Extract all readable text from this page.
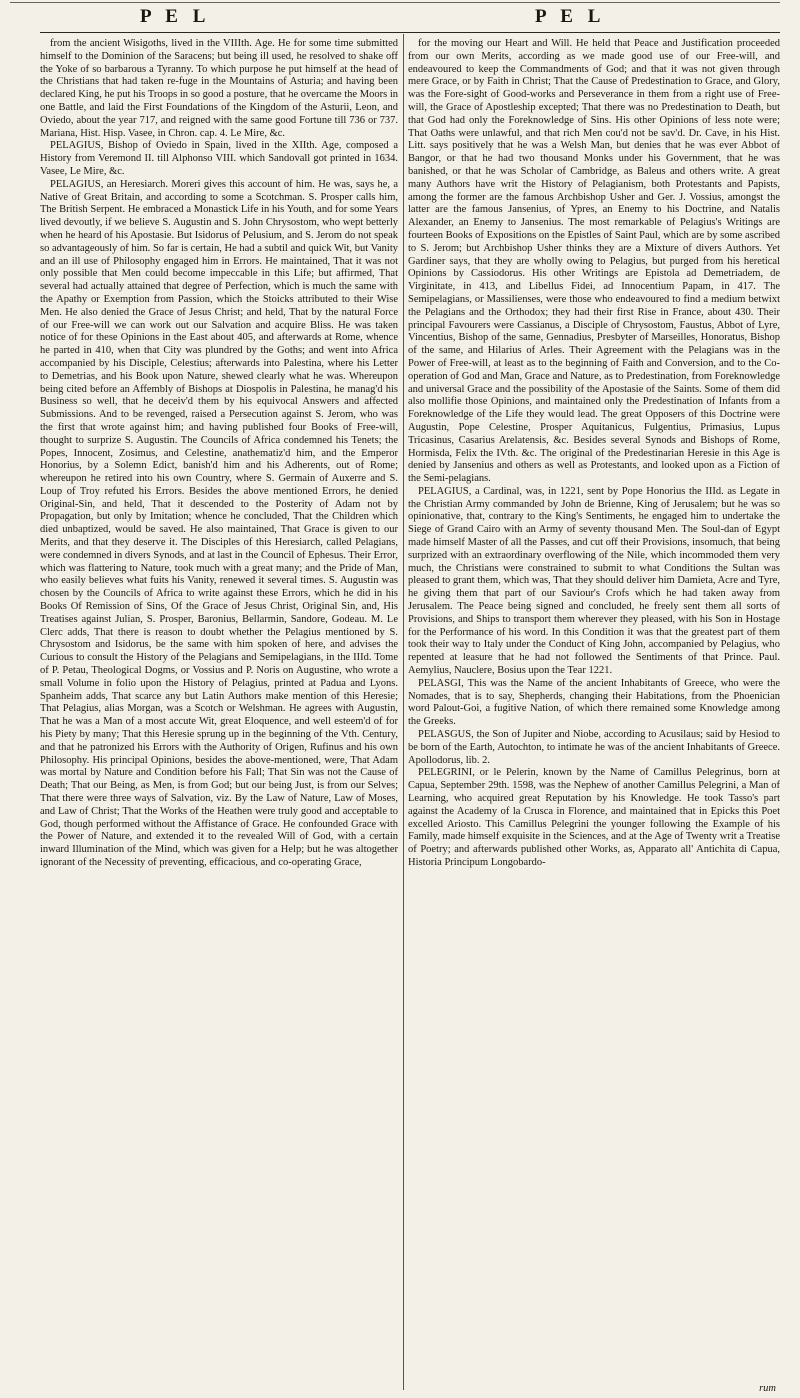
P E L	P E L

from the ancient Wisigoths, lived in the VIIIth. Age. He for some time submitted himself to the Dominion of the Saracens; but being ill used, he resolved to shake off the Yoke of so barbarous a Tyranny. To which purpose he put himself at the head of the Christians that had taken re-fuge in the Mountains of Asturia; and having been declared King, he put his Troops in so good a posture, that he overcame the Moors in one Battle, and laid the First Foundations of the Kingdom of the Asturii, Leon, and Oviedo, about the year 717, and reigned with the same good Fortune till 736 or 737. Mariana, Hist. Hisp. Vasee, in Chron. cap. 4. Le Mire, &c.

PELAGIUS, Bishop of Oviedo in Spain, lived in the XIIth. Age, composed a History from Veremond II. till Alphonso VIII. which Sandovall got printed in 1634. Vasee, Le Mire, &c.

PELAGIUS, an Heresiarch. Moreri gives this account of him. He was, says he, a Native of Great Britain, and according to some a Scotchman. S. Prosper calls him, The British Serpent. He embraced a Monastick Life in his Youth, and for some Years lived devoutly, if we believe S. Augustin and S. John Chrysostom, who wept betterly when he heard of his Apostasie. But Isidorus of Pelusium, and S. Jerom do not speak so advantageously of him. So far is certain, He had a subtil and quick Wit, but Vanity and an ill use of Philosophy engaged him in Errors. He maintained, That it was not only possible that Men could become impeccable in this Life; but affirmed, That several had actually attained that degree of Perfection, which is much the same with the Apathy or Exemption from Passion, which the Stoicks attributed to their Wise Men. He also denied the Grace of Jesus Christ; and held, That by the natural Force of our Free-will we can work out our Salvation and acquire Bliss. He was taken notice of for these Opinions in the East about 405, and afterwards at Rome, whence he parted in 410, when that City was plundred by the Goths; and went into Africa accompanied by his Disciple, Celestius; afterwards into Palestina, where his Letter to Demetrias, and his Book upon Nature, shewed clearly what he was. Whereupon being cited before an Affembly of Bishops at Diospolis in Palestina, he manag'd his Business so well, that he deceiv'd them by his equivocal Answers and affected Submissions. And to be revenged, raised a Persecution against S. Jerom, who was the first that wrote against him; and having published four Books of Free-will, thought to surprize S. Augustin. The Councils of Africa condemned his Tenets; the Popes, Innocent, Zosimus, and Celestine, anathematiz'd him, and the Emperor Honorius, by a Solemn Edict, banish'd him and his Adherents, out of Rome; whereupon he retired into his own Country, where S. Germain of Auxerre and S. Loup of Troy refuted his Errors. Besides the above mentioned Errors, he denied Original-Sin, and held, That it descended to the Posterity of Adam not by Propagation, but only by Imitation; whence he concluded, That the Children which died unbaptized, would be saved. He also maintained, That Grace is given to our Merits, and that they deserve it. The Disciples of this Heresiarch, called Pelagians, were condemned in divers Synods, and at last in the Council of Ephesus. Their Error, which was flattering to Nature, took much with a great many; and the Pride of Man, who easily believes what fuits his Vanity, renewed it several times. S. Augustin was chosen by the Councils of Africa to write against these Errors, which he did in his Books Of Remission of Sins, Of the Grace of Jesus Christ, Original Sin, and, His Treatises against Julian, S. Prosper, Baronius, Bellarmin, Sandore, Godeau. M. Le Clerc adds, That there is reason to doubt whether the Pelagius mentioned by S. Chrysostom and Isidorus, be the same with him spoken of here, and advises the Curious to consult the History of the Pelagians and Semipelagians, in the IIId. Tome of P. Petau, Theological Dogms, or Vossius and P. Noris on Augustine, who wrote a small Volume in folio upon the History of Pelagius, printed at Padua and Lyons. Spanheim adds, That scarce any but Latin Authors make mention of this Heresie; That Pelagius, alias Morgan, was a Scotch or Welshman. He agrees with Augustin, That he was a Man of a most accute Wit, great Eloquence, and well esteem'd of for his Piety by many; That this Heresie sprung up in the beginning of the Vth. Century, and that he patronized his Errors with the Authority of Origen, Rufinus and his own Philosophy. His principal Opinions, besides the above-mentioned, were, That Adam was mortal by Nature and Condition before his Fall; That Sin was not the Cause of Death; That our Being, as Men, is from God; but our being Just, is from our Selves; That there were three ways of Salvation, viz. By the Law of Nature, Law of Moses, and Law of Christ; That the Works of the Heathen were truly good and acceptable to God, though performed without the Affistance of Grace. He confounded Grace with the Power of Nature, and extended it to the revealed Will of God, with a certain inward Illumination of the Mind, which was given for a Help; but he was altogether ignorant of the Necessity of preventing, efficacious, and co-operating Grace,

for the moving our Heart and Will. He held that Peace and Justification proceeded from our own Merits, according as we made good use of our Free-will, and endeavoured to keep the Commandments of God; and that it was not given through mere Grace, or by Faith in Christ; That the Cause of Predestination to Grace, and Glory, was the Fore-sight of Good-works and Perseverance in them from a right use of Free-will, the Grace of Apostleship excepted; That there was no Predestination to Death, but that God had only the Foreknowledge of Sins. His other Opinions of less note were; That Oaths were unlawful, and that rich Men cou'd not be sav'd. Dr. Cave, in his Hist. Litt. says positively that he was a Welsh Man, but denies that he was ever Abbot of Bangor, or that he had two thousand Monks under his Government, that he was banished, or that he was Scholar of Cambridge, as Baleus and others write. A great many Authors have writ the History of Pelagianism, both Protestants and Papists, among the former are the famous Archbishop Usher and Ger. J. Vossius, amongst the latter are the famous Jansenius, of Ypres, an Enemy to his Doctrine, and Natalis Alexander, an Enemy to Jansenius. The most remarkable of Pelagius's Writings are fourteen Books of Expositions on the Epistles of Saint Paul, which are by some ascribed to S. Jerom; but Archbishop Usher thinks they are a Mixture of divers Authors. Yet Gardiner says, that they are wholly owing to Pelagius, but purged from his heretical Opinions by Cassiodorus. His other Writings are Epistola ad Demetriadem, de Virginitate, in 413, and Libellus Fidei, ad Innocentium Papam, in 417. The Semipelagians, or Massilienses, were those who endeavoured to find a medium betwixt the Pelagians and the Orthodox; they had their first Rise in France, about 430. Their principal Favourers were Cassianus, a Disciple of Chrysostom, Faustus, Abbot of Lyre, Vincentius, Bishop of the same, Gennadius, Presbyter of Marseilles, Honoratus, Bishop of the same, and Hilarius of Arles. Their Agreement with the Pelagians was in the Power of Free-will, at least as to the beginning of Faith and Conversion, and to the Co-operation of God and Man, Grace and Nature, as to Predestination, from Foreknowledge and universal Grace and the possibility of the Apostasie of the Saints. Some of them did also mollifie those Opinions, and maintained only the Predestination of Infants from a Foreknowledge of the Life they would lead. The great Opposers of this Doctrine were Augustin, Pope Celestine, Prosper Aquitanicus, Fulgentius, Primasius, Lupus Tricasinus, Casarius Arelatensis, &c. Besides several Synods and Bishops of Rome, Hormisda, Felix the IVth. &c. The original of the Predestinarian Heresie in this Age is denied by Jansenius and others as well as Protestants, and looked upon as a Fiction of the Semi-pelagians.

PELAGIUS, a Cardinal, was, in 1221, sent by Pope Honorius the IIId. as Legate in the Christian Army commanded by John de Brienne, King of Jerusalem; but he was so opinionative, that, contrary to the King's Sentiments, he engaged him to undertake the Siege of Grand Cairo with an Army of seventy thousand Men. The Soul-dan of Egypt made himself Master of all the Passes, and cut off their Provisions, insomuch, that being surprized with an extraordinary overflowing of the Nile, which incommoded them very much, the Christians were constrained to submit to what Conditions the Sultan was pleased to grant them, which was, That they should deliver him Damieta, Acre and Tyre, he giving them that part of our Saviour's Crofs which he had taken away from Jerusalem. The Peace being signed and concluded, he freely sent them all sorts of Provisions, and Ships to transport them wherever they pleased, with his Son in Hostage for the Performance of his word. In this Condition it was that the greatest part of them took their way to Italy under the Conduct of King John, accompanied by Pelagius, who repented at leasure that he had not followed the Sentiments of that Prince. Paul. Aemylius, Nauclere, Bosius upon the Tear 1221.

PELASGI, This was the Name of the ancient Inhabitants of Greece, who were the Nomades, that is to say, Shepherds, changing their Habitations, from the Phoenician word Palout-Goi, a fugitive Nation, of which there remained some Knowledge among the Greeks.

PELASGUS, the Son of Jupiter and Niobe, according to Acusilaus; said by Hesiod to be born of the Earth, Autochton, to intimate he was of the ancient Inhabitants of Greece. Apollodorus, lib. 2.

PELEGRINI, or le Pelerin, known by the Name of Camillus Pelegrinus, born at Capua, September 29th. 1598, was the Nephew of another Camillus Pelegrini, a Man of Learning, who acquired great Reputation by his Knowledge. He took Tasso's part against the Academy of la Crusca in Florence, and maintained that in Epicks this Poet excelled Ariosto. This Camillus Pelegrini the younger following the Example of his Family, made himself exquisite in the Sciences, and at the Age of Twenty writ a Treatise of Poetry; and afterwards published other Works, as, Apparato all' Antichita di Capua, Historia Principum Longobardo-

rum
